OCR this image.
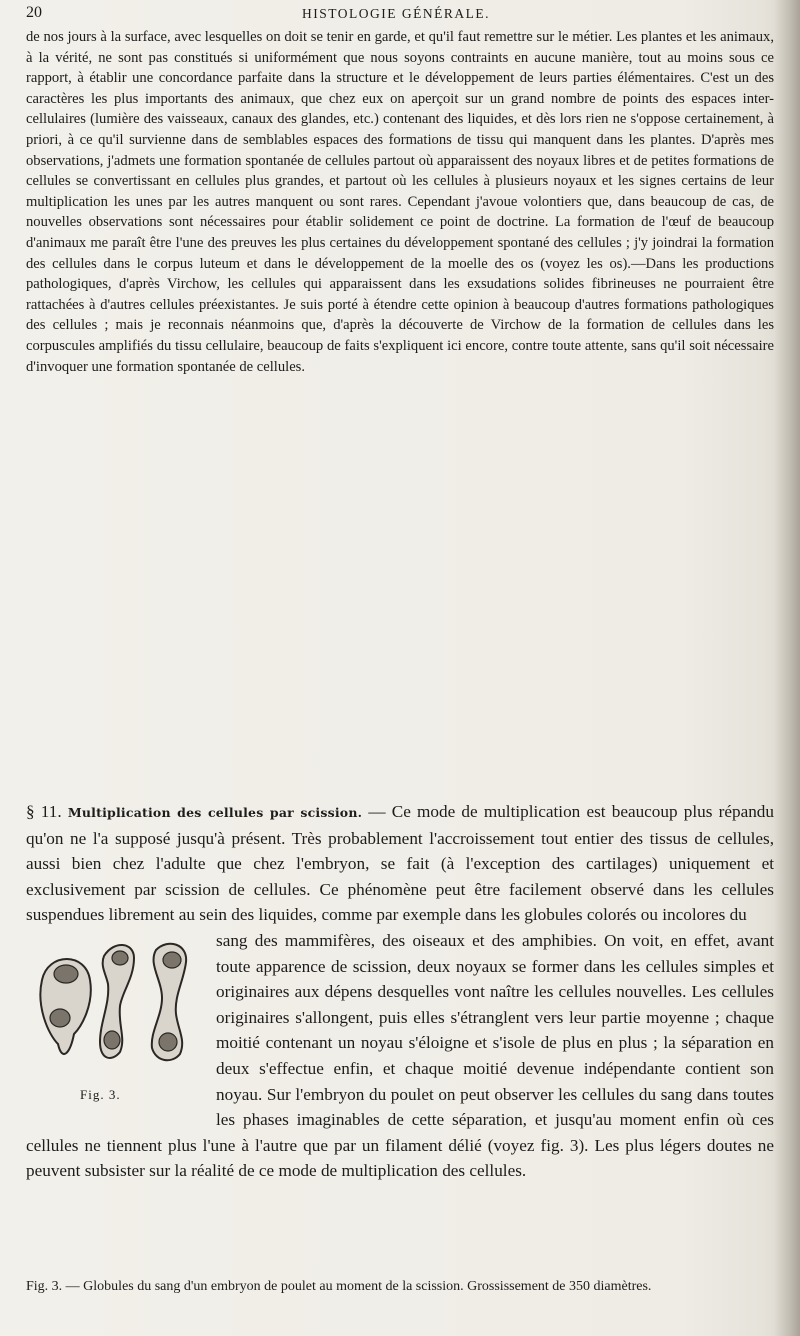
20	HISTOLOGIE GÉNÉRALE.

de nos jours à la surface, avec lesquelles on doit se tenir en garde, et qu'il faut remettre sur le métier. Les plantes et les animaux, à la vérité, ne sont pas constitués si uniformément que nous soyons contraints en aucune manière, tout au moins sous ce rapport, à établir une concordance parfaite dans la structure et le développement de leurs parties élémentaires. C'est un des caractères les plus importants des animaux, que chez eux on aperçoit sur un grand nombre de points des espaces inter-cellulaires (lumière des vaisseaux, canaux des glandes, etc.) contenant des liquides, et dès lors rien ne s'oppose certainement, à priori, à ce qu'il survienne dans de semblables espaces des formations de tissu qui manquent dans les plantes. D'après mes observations, j'admets une formation spontanée de cellules partout où apparaissent des noyaux libres et de petites formations de cellules se convertissant en cellules plus grandes, et partout où les cellules à plusieurs noyaux et les signes certains de leur multiplication les unes par les autres manquent ou sont rares. Cependant j'avoue volontiers que, dans beaucoup de cas, de nouvelles observations sont nécessaires pour établir solidement ce point de doctrine. La formation de l'œuf de beaucoup d'animaux me paraît être l'une des preuves les plus certaines du développement spontané des cellules ; j'y joindrai la formation des cellules dans le corpus luteum et dans le développement de la moelle des os (voyez les os).—Dans les productions pathologiques, d'après Virchow, les cellules qui apparaissent dans les exsudations solides fibrineuses ne pourraient être rattachées à d'autres cellules préexistantes. Je suis porté à étendre cette opinion à beaucoup d'autres formations pathologiques des cellules ; mais je reconnais néanmoins que, d'après la découverte de Virchow de la formation de cellules dans les corpuscules amplifiés du tissu cellulaire, beaucoup de faits s'expliquent ici encore, contre toute attente, sans qu'il soit nécessaire d'invoquer une formation spontanée de cellules.

§ 11. Multiplication des cellules par scission. — Ce mode de multiplication est beaucoup plus répandu qu'on ne l'a supposé jusqu'à présent. Très probablement l'accroissement tout entier des tissus de cellules, aussi bien chez l'adulte que chez l'embryon, se fait (à l'exception des cartilages) uniquement et exclusivement par scission de cellules. Ce phénomène peut être facilement observé dans les cellules suspendues librement au sein des liquides, comme par exemple dans les globules colorés ou incolores du

Fig. 3.

sang des mammifères, des oiseaux et des amphibies. On voit, en effet, avant toute apparence de scission, deux noyaux se former dans les cellules simples et originaires aux dépens desquelles vont naître les cellules nouvelles. Les cellules originaires s'allongent, puis elles s'étranglent vers leur partie moyenne ; chaque moitié contenant un noyau s'éloigne et s'isole de plus en plus ; la séparation en deux s'effectue enfin, et chaque moitié devenue indépendante contient son noyau. Sur l'embryon du poulet on peut observer les cellules du sang dans toutes les phases imaginables de cette séparation, et jusqu'au moment enfin où ces cellules ne tiennent plus l'une à l'autre que par un filament délié (voyez fig. 3). Les plus légers doutes ne peuvent subsister sur la réalité de ce mode de multiplication des cellules.

Fig. 3. — Globules du sang d'un embryon de poulet au moment de la scission. Grossissement de 350 diamètres.
